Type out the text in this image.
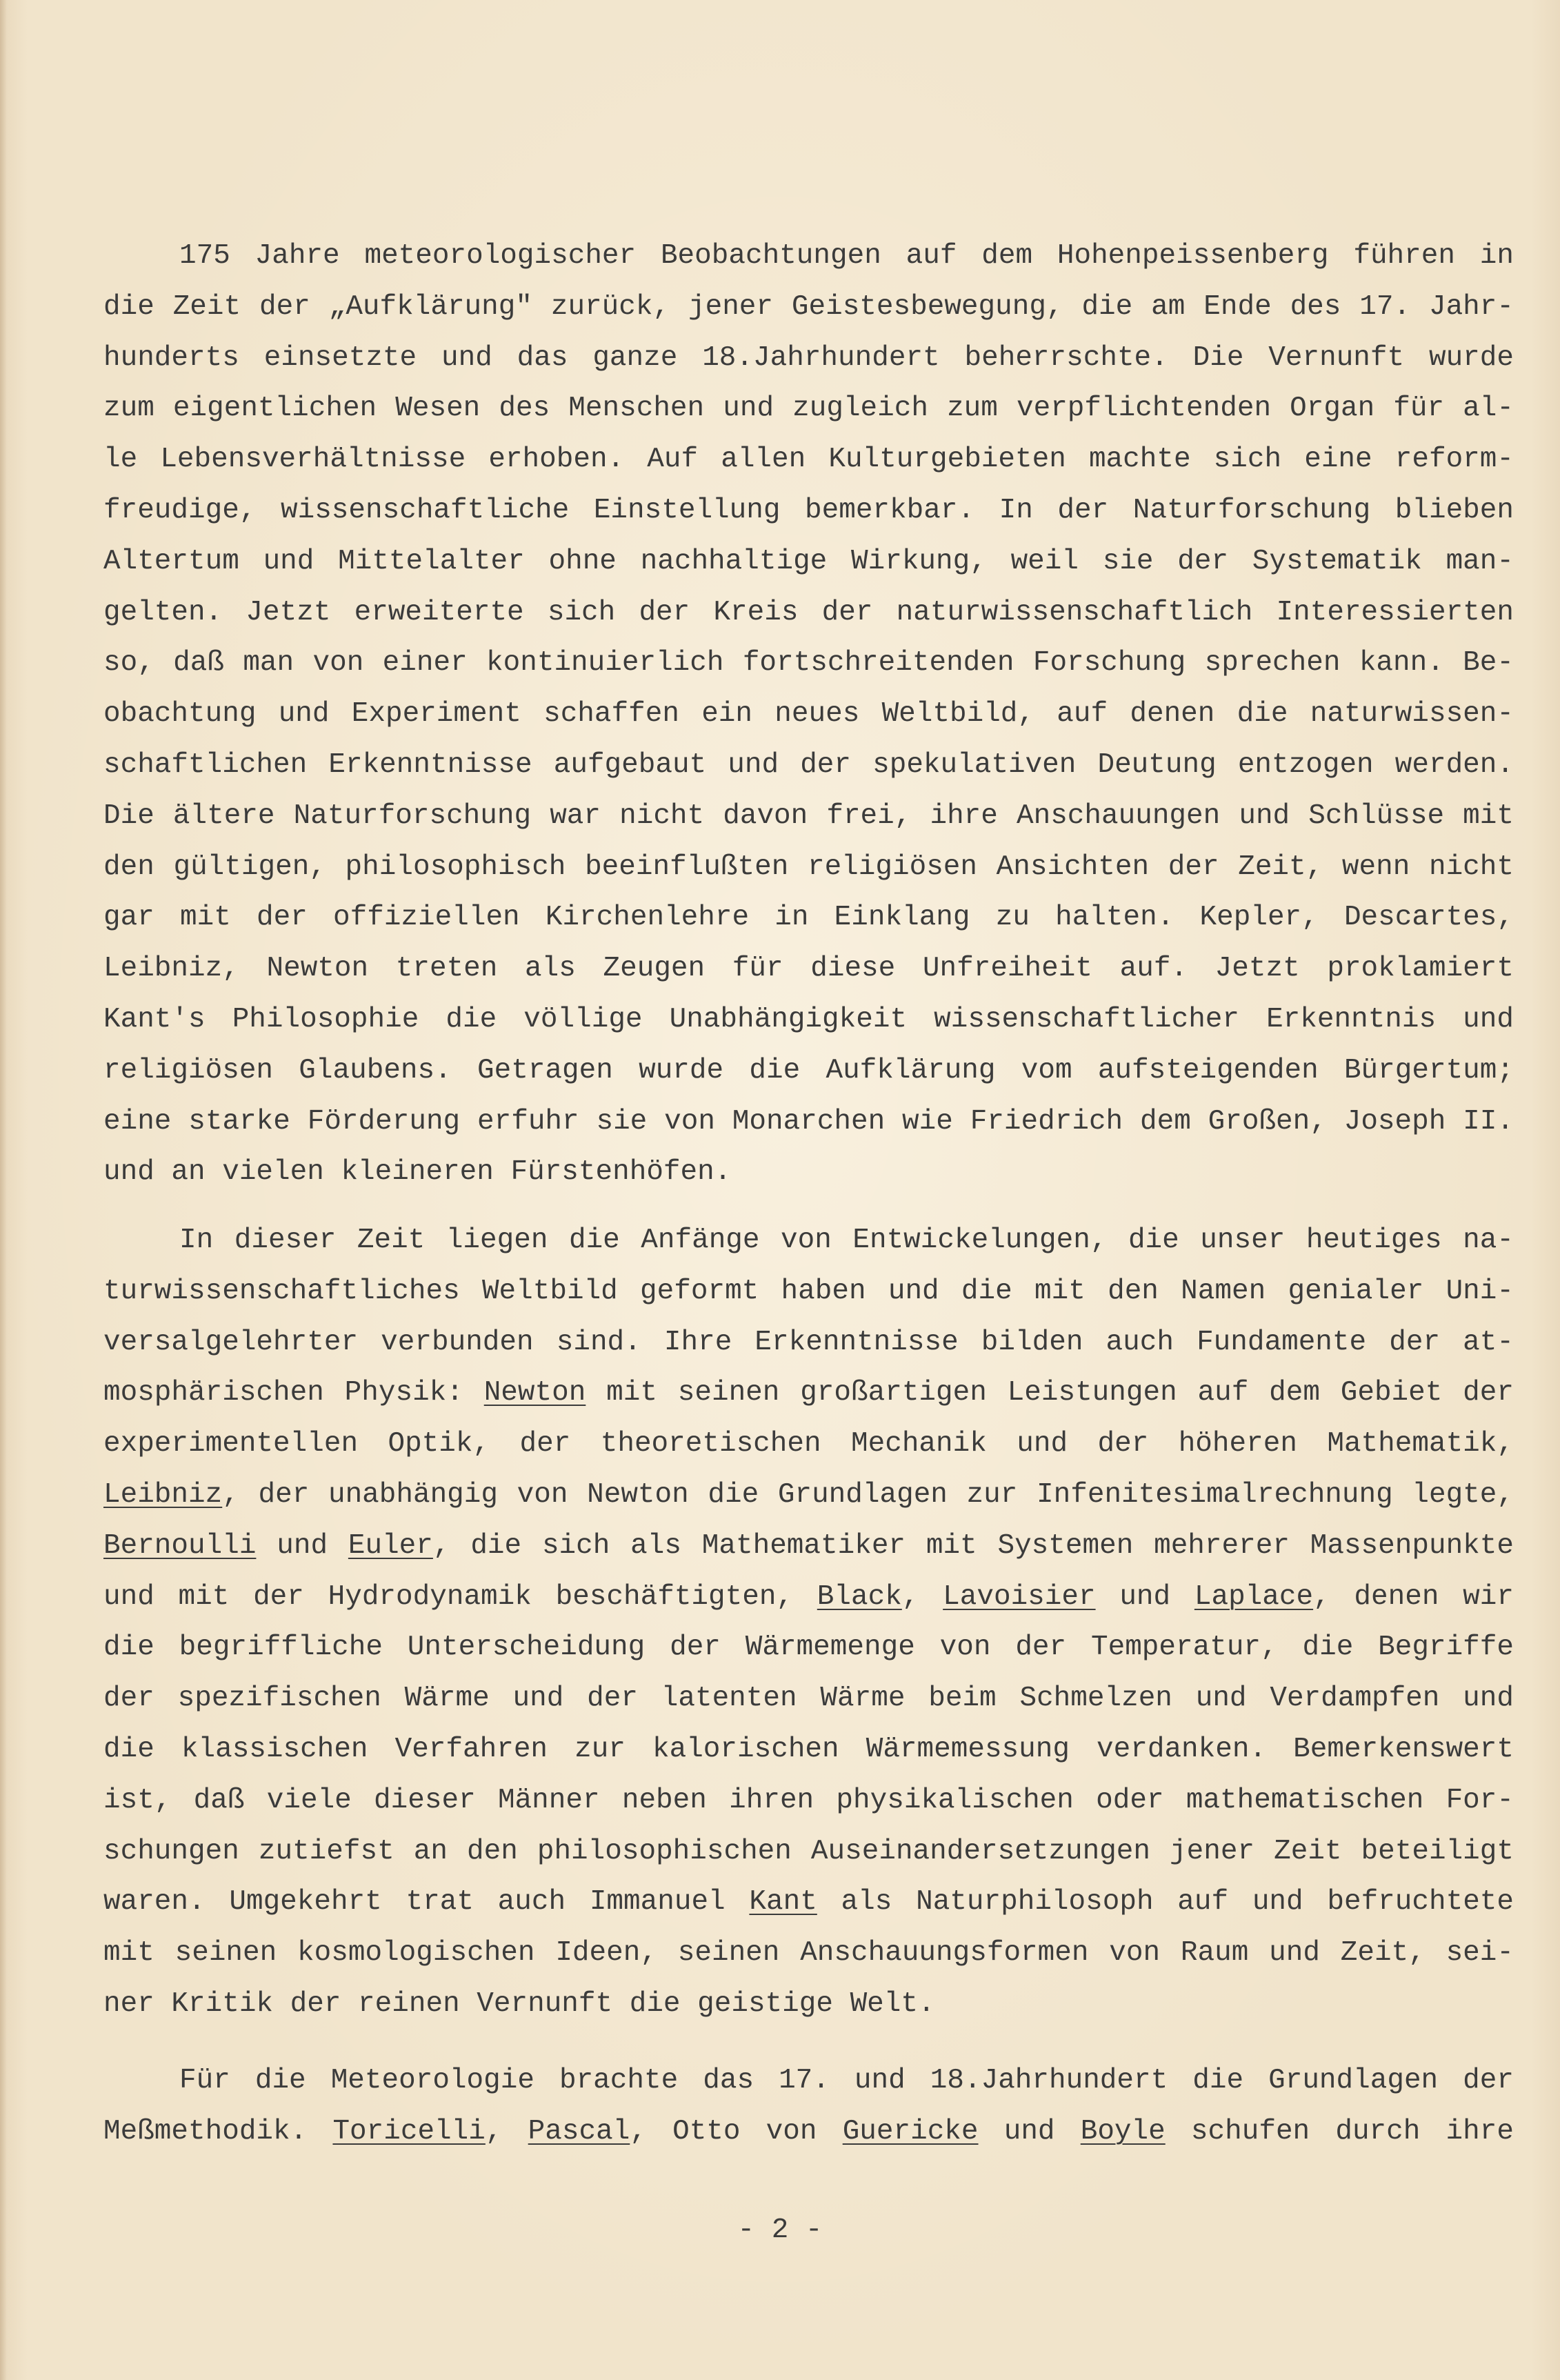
175 Jahre meteorologischer Beobachtungen auf dem Hohenpeissenberg führen in
die Zeit der „Aufklärung" zurück, jener Geistesbewegung, die am Ende des 17. Jahr-
hunderts einsetzte und das ganze 18.Jahrhundert beherrschte. Die Vernunft wurde
zum eigentlichen Wesen des Menschen und zugleich zum verpflichtenden Organ für al-
le Lebensverhältnisse erhoben. Auf allen Kulturgebieten machte sich eine reform-
freudige, wissenschaftliche Einstellung bemerkbar. In der Naturforschung blieben
Altertum und Mittelalter ohne nachhaltige Wirkung, weil sie der Systematik man-
gelten. Jetzt erweiterte sich der Kreis der naturwissenschaftlich Interessierten
so, daß man von einer kontinuierlich fortschreitenden Forschung sprechen kann. Be-
obachtung und Experiment schaffen ein neues Weltbild, auf denen die naturwissen-
schaftlichen Erkenntnisse aufgebaut und der spekulativen Deutung entzogen werden.
Die ältere Naturforschung war nicht davon frei, ihre Anschauungen und Schlüsse mit
den gültigen, philosophisch beeinflußten religiösen Ansichten der Zeit, wenn nicht
gar mit der offiziellen Kirchenlehre in Einklang zu halten. Kepler, Descartes,
Leibniz, Newton treten als Zeugen für diese Unfreiheit auf. Jetzt proklamiert
Kant's Philosophie die völlige Unabhängigkeit wissenschaftlicher Erkenntnis und
religiösen Glaubens. Getragen wurde die Aufklärung vom aufsteigenden Bürgertum;
eine starke Förderung erfuhr sie von Monarchen wie Friedrich dem Großen, Joseph II.
und an vielen kleineren Fürstenhöfen.
In dieser Zeit liegen die Anfänge von Entwickelungen, die unser heutiges na-
turwissenschaftliches Weltbild geformt haben und die mit den Namen genialer Uni-
versalgelehrter verbunden sind. Ihre Erkenntnisse bilden auch Fundamente der at-
mosphärischen Physik: Newton mit seinen großartigen Leistungen auf dem Gebiet der
experimentellen Optik, der theoretischen Mechanik und der höheren Mathematik,
Leibniz, der unabhängig von Newton die Grundlagen zur Infenitesimalrechnung legte,
Bernoulli und Euler, die sich als Mathematiker mit Systemen mehrerer Massenpunkte
und mit der Hydrodynamik beschäftigten, Black, Lavoisier und Laplace, denen wir
die begriffliche Unterscheidung der Wärmemenge von der Temperatur, die Begriffe
der spezifischen Wärme und der latenten Wärme beim Schmelzen und Verdampfen und
die klassischen Verfahren zur kalorischen Wärmemessung verdanken. Bemerkenswert
ist, daß viele dieser Männer neben ihren physikalischen oder mathematischen For-
schungen zutiefst an den philosophischen Auseinandersetzungen jener Zeit beteiligt
waren. Umgekehrt trat auch Immanuel Kant als Naturphilosoph auf und befruchtete
mit seinen kosmologischen Ideen, seinen Anschauungsformen von Raum und Zeit, sei-
ner Kritik der reinen Vernunft die geistige Welt.
Für die Meteorologie brachte das 17. und 18.Jahrhundert die Grundlagen der
Meßmethodik. Toricelli, Pascal, Otto von Guericke und Boyle schufen durch ihre
- 2 -
